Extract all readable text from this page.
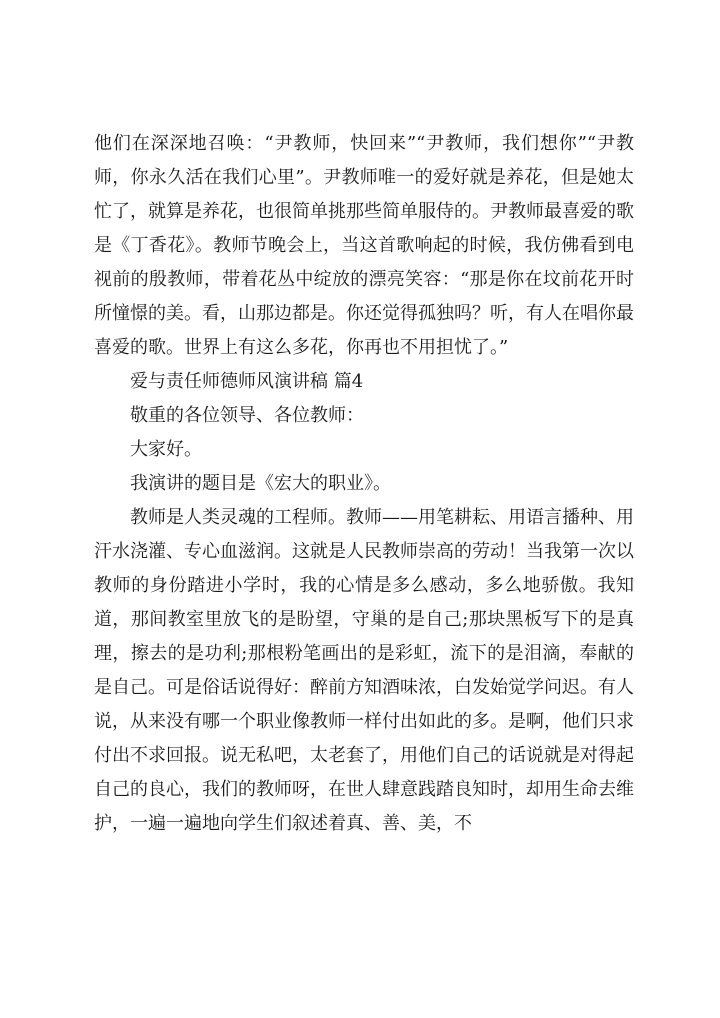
他们在深深地召唤：“尹教师，快回来”“尹教师，我们想你”“尹教师，你永久活在我们心里”。尹教师唯一的爱好就是养花，但是她太忙了，就算是养花，也很简单挑那些简单服侍的。尹教师最喜爱的歌是《丁香花》。教师节晚会上，当这首歌响起的时候，我仿佛看到电视前的殷教师，带着花丛中绽放的漂亮笑容：“那是你在坟前花开时所憧憬的美。看，山那边都是。你还觉得孤独吗？听，有人在唱你最喜爱的歌。世界上有这么多花，你再也不用担忧了。”

爱与责任师德师风演讲稿 篇4

敬重的各位领导、各位教师：

大家好。

我演讲的题目是《宏大的职业》。

教师是人类灵魂的工程师。教师——用笔耕耘、用语言播种、用汗水浇灌、专心血滋润。这就是人民教师崇高的劳动！当我第一次以教师的身份踏进小学时，我的心情是多么感动，多么地骄傲。我知道，那间教室里放飞的是盼望，守巢的是自己;那块黑板写下的是真理，擦去的是功利;那根粉笔画出的是彩虹，流下的是泪滴，奉献的是自己。可是俗话说得好：醉前方知酒味浓，白发始觉学问迟。有人说，从来没有哪一个职业像教师一样付出如此的多。是啊，他们只求付出不求回报。说无私吧，太老套了，用他们自己的话说就是对得起自己的良心，我们的教师呀，在世人肆意践踏良知时，却用生命去维护，一遍一遍地向学生们叙述着真、善、美，不
